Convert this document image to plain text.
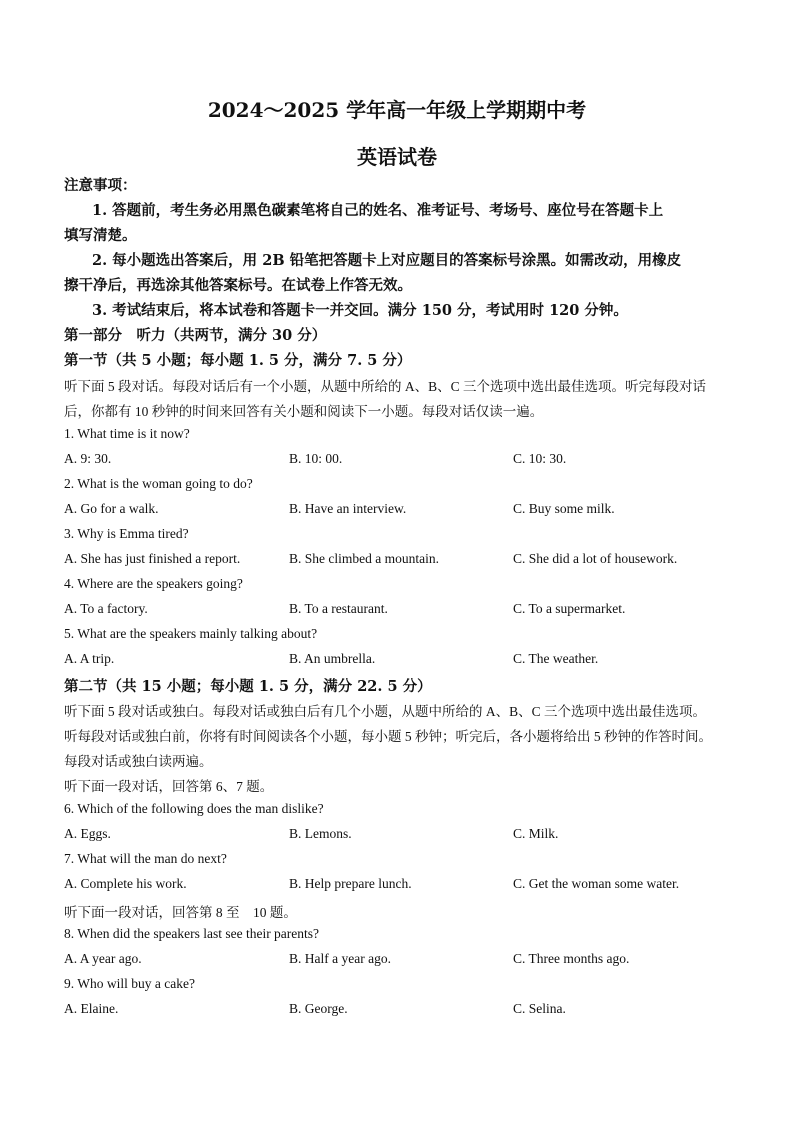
2024～2025 学年高一年级上学期期中考
英语试卷
注意事项：
1. 答题前，考生务必用黑色碳素笔将自己的姓名、准考证号、考场号、座位号在答题卡上
填写清楚。
2. 每小题选出答案后，用 2B 铅笔把答题卡上对应题目的答案标号涂黑。如需改动，用橡皮
擦干净后，再选涂其他答案标号。在试卷上作答无效。
3. 考试结束后，将本试卷和答题卡一并交回。满分 150 分，考试用时 120 分钟。
第一部分　听力（共两节，满分 30 分）
第一节（共 5 小题；每小题 1. 5 分，满分 7. 5 分）
听下面 5 段对话。每段对话后有一个小题，从题中所给的 A、B、C 三个选项中选出最佳选项。听完每段对话
后，你都有 10 秒钟的时间来回答有关小题和阅读下一小题。每段对话仅读一遍。
1. What time is it now?
A. 9: 30.	B. 10: 00.	C. 10: 30.
2. What is the woman going to do?
A. Go for a walk.	B. Have an interview.	C. Buy some milk.
3. Why is Emma tired?
A. She has just finished a report.	B. She climbed a mountain.	C. She did a lot of housework.
4. Where are the speakers going?
A. To a factory.	B. To a restaurant.	C. To a supermarket.
5. What are the speakers mainly talking about?
A. A trip.	B. An umbrella.	C. The weather.
第二节（共 15 小题；每小题 1. 5 分，满分 22. 5 分）
听下面 5 段对话或独白。每段对话或独白后有几个小题，从题中所给的 A、B、C 三个选项中选出最佳选项。
听每段对话或独白前，你将有时间阅读各个小题，每小题 5 秒钟；听完后，各小题将给出 5 秒钟的作答时间。
每段对话或独白读两遍。
听下面一段对话，回答第 6、7 题。
6. Which of the following does the man dislike?
A. Eggs.	B. Lemons.	C. Milk.
7. What will the man do next?
A. Complete his work.	B. Help prepare lunch.	C. Get the woman some water.
听下面一段对话，回答第 8 至　10 题。
8. When did the speakers last see their parents?
A. A year ago.	B. Half a year ago.	C. Three months ago.
9. Who will buy a cake?
A. Elaine.	B. George.	C. Selina.
